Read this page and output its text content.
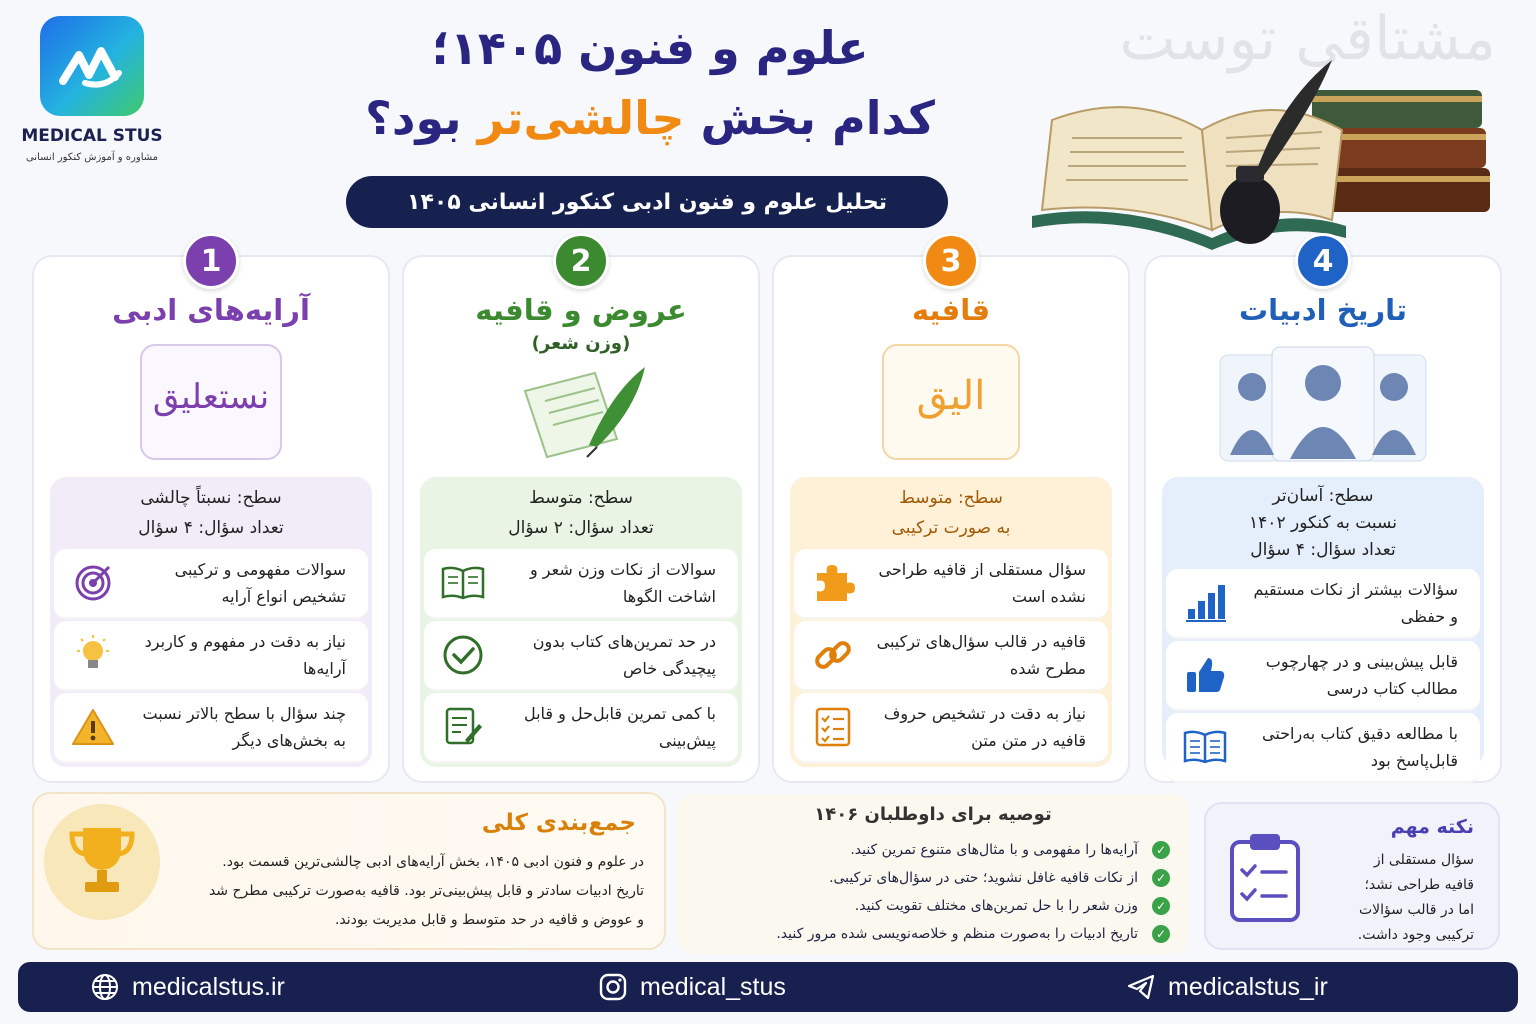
MEDICAL STUS
مشاوره و آموزش کنکور انسانی
علوم و فنون ۱۴۰۵؛
کدام بخش چالشی‌تر بود؟
تحلیل علوم و فنون ادبی کنکور انسانی ۱۴۰۵
مشتاقی توست
1
آرایه‌های ادبی
نستعلیق
سطح: نسبتاً چالشی
تعداد سؤال: ۴ سؤال
سوالات مفهومی و ترکیبی تشخیص انواع آرایه
نیاز به دقت در مفهوم و کاربرد آرایه‌ها
چند سؤال با سطح بالاتر نسبت به بخش‌های دیگر
2
عروض و قافیه
(وزن شعر)
سطح: متوسط
تعداد سؤال: ۲ سؤال
سوالات از نکات وزن شعر و اشاخت الگوها
در حد تمرین‌های کتاب بدون پیچیدگی خاص
با کمی تمرین قابل‌حل و قابل پیش‌بینی
3
قافیه
الیق
سطح: متوسط
به صورت ترکیبی
سؤال مستقلی از قافیه طراحی نشده است
قافیه در قالب سؤال‌های ترکیبی مطرح شده
نیاز به دقت در تشخیص حروف قافیه در متن متن
4
تاریخ ادبیات
سطح: آسان‌تر
نسبت به کنکور ۱۴۰۲
تعداد سؤال: ۴ سؤال
سؤالات بیشتر از نکات مستقیم و حفظی
قابل پیش‌بینی و در چهارچوب مطالب کتاب درسی
با مطالعه دقیق کتاب به‌راحتی قابل‌پاسخ بود
جمع‌بندی کلی
در علوم و فنون ادبی ۱۴۰۵، بخش آرایه‌های ادبی چالشی‌ترین قسمت بود.
تاریخ ادبیات سادتر و قابل پیش‌بینی‌تر بود. قافیه به‌صورت ترکیبی مطرح شد
و عووض و قافیه در حد متوسط و قابل مدیریت بودند.
توصیه برای داوطلبان ۱۴۰۶
✓
آرایه‌ها را مفهومی و با مثال‌های متنوع تمرین کنید.
✓
از نکات قافیه غافل نشوید؛ حتی در سؤال‌های ترکیبی.
✓
وزن شعر را با حل تمرین‌های مختلف تقویت کنید.
✓
تاریخ ادبیات را به‌صورت منظم و خلاصه‌نویسی شده مرور کنید.
نکته مهم
سؤال مستقلی از
قافیه طراحی نشد؛
اما در قالب سؤالات
ترکیبی وجود داشت.
medicalstus.ir	medical_stus	medicalstus_ir
